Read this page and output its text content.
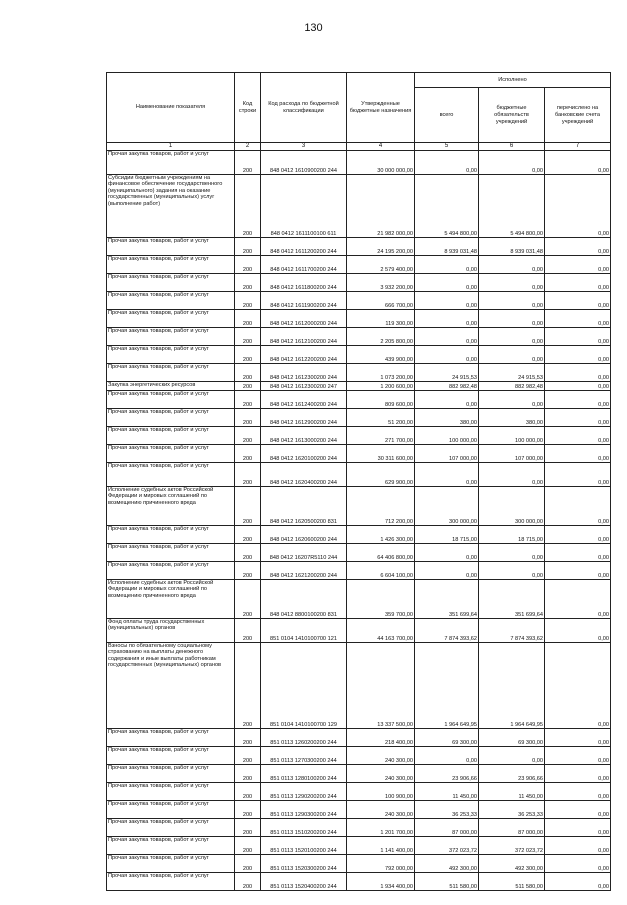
130
Наименование показателя	Код строки	Код расхода по бюджетной классификации	Утвержденные бюджетные назначения	Исполнено		
				всего	бюджетные обязательств учреждений	перечислено на банковские счета учреждений
1	2	3	4	5	6	7
Прочая закупка товаров, работ и услуг	200	848 0412 1610900200 244	30 000 000,00	0,00	0,00	0,00
Субсидии бюджетным учреждениям на финансовое обеспечение государственного (муниципального) задания на оказание государственных (муниципальных) услуг (выполнение работ)	200	848 0412 1611100100 611	21 982 000,00	5 494 800,00	5 494 800,00	0,00
Прочая закупка товаров, работ и услуг	200	848 0412 1611200200 244	24 195 200,00	8 939 031,48	8 939 031,48	0,00
Прочая закупка товаров, работ и услуг	200	848 0412 1611700200 244	2 579 400,00	0,00	0,00	0,00
Прочая закупка товаров, работ и услуг	200	848 0412 1611800200 244	3 932 200,00	0,00	0,00	0,00
Прочая закупка товаров, работ и услуг	200	848 0412 1611900200 244	666 700,00	0,00	0,00	0,00
Прочая закупка товаров, работ и услуг	200	848 0412 1612000200 244	119 300,00	0,00	0,00	0,00
Прочая закупка товаров, работ и услуг	200	848 0412 1612100200 244	2 205 800,00	0,00	0,00	0,00
Прочая закупка товаров, работ и услуг	200	848 0412 1612200200 244	439 900,00	0,00	0,00	0,00
Прочая закупка товаров, работ и услуг	200	848 0412 1612300200 244	1 073 200,00	24 915,53	24 915,53	0,00
Закупка энергетических ресурсов	200	848 0412 1612300200 247	1 200 600,00	882 982,48	882 982,48	0,00
Прочая закупка товаров, работ и услуг	200	848 0412 1612400200 244	809 600,00	0,00	0,00	0,00
Прочая закупка товаров, работ и услуг	200	848 0412 1612900200 244	51 200,00	380,00	380,00	0,00
Прочая закупка товаров, работ и услуг	200	848 0412 1613000200 244	271 700,00	100 000,00	100 000,00	0,00
Прочая закупка товаров, работ и услуг	200	848 0412 1620100200 244	30 311 600,00	107 000,00	107 000,00	0,00
Прочая закупка товаров, работ и услуг	200	848 0412 1620400200 244	629 900,00	0,00	0,00	0,00
Исполнение судебных актов Российской Федерации и мировых соглашений по возмещению причиненного вреда	200	848 0412 1620500200 831	712 200,00	300 000,00	300 000,00	0,00
Прочая закупка товаров, работ и услуг	200	848 0412 1620600200 244	1 426 300,00	18 715,00	18 715,00	0,00
Прочая закупка товаров, работ и услуг	200	848 0412 16207R5110 244	64 406 800,00	0,00	0,00	0,00
Прочая закупка товаров, работ и услуг	200	848 0412 1621200200 244	6 604 100,00	0,00	0,00	0,00
Исполнение судебных актов Российской Федерации и мировых соглашений по возмещению причиненного вреда	200	848 0412 8800100200 831	359 700,00	351 699,64	351 699,64	0,00
Фонд оплаты труда государственных (муниципальных) органов	200	851 0104 1410100700 121	44 163 700,00	7 874 393,62	7 874 393,62	0,00
Взносы по обязательному социальному страхованию на выплаты денежного содержания и иные выплаты работникам государственных (муниципальных) органов	200	851 0104 1410100700 129	13 337 500,00	1 964 649,95	1 964 649,95	0,00
Прочая закупка товаров, работ и услуг	200	851 0113 1260200200 244	218 400,00	69 300,00	69 300,00	0,00
Прочая закупка товаров, работ и услуг	200	851 0113 1270300200 244	240 300,00	0,00	0,00	0,00
Прочая закупка товаров, работ и услуг	200	851 0113 1280100200 244	240 300,00	23 906,66	23 906,66	0,00
Прочая закупка товаров, работ и услуг	200	851 0113 1290200200 244	100 900,00	11 450,00	11 450,00	0,00
Прочая закупка товаров, работ и услуг	200	851 0113 1290300200 244	240 300,00	36 253,33	36 253,33	0,00
Прочая закупка товаров, работ и услуг	200	851 0113 1510200200 244	1 201 700,00	87 000,00	87 000,00	0,00
Прочая закупка товаров, работ и услуг	200	851 0113 1520100200 244	1 141 400,00	372 023,72	372 023,72	0,00
Прочая закупка товаров, работ и услуг	200	851 0113 1520300200 244	792 000,00	492 300,00	492 300,00	0,00
Прочая закупка товаров, работ и услуг	200	851 0113 1520400200 244	1 934 400,00	511 580,00	511 580,00	0,00
